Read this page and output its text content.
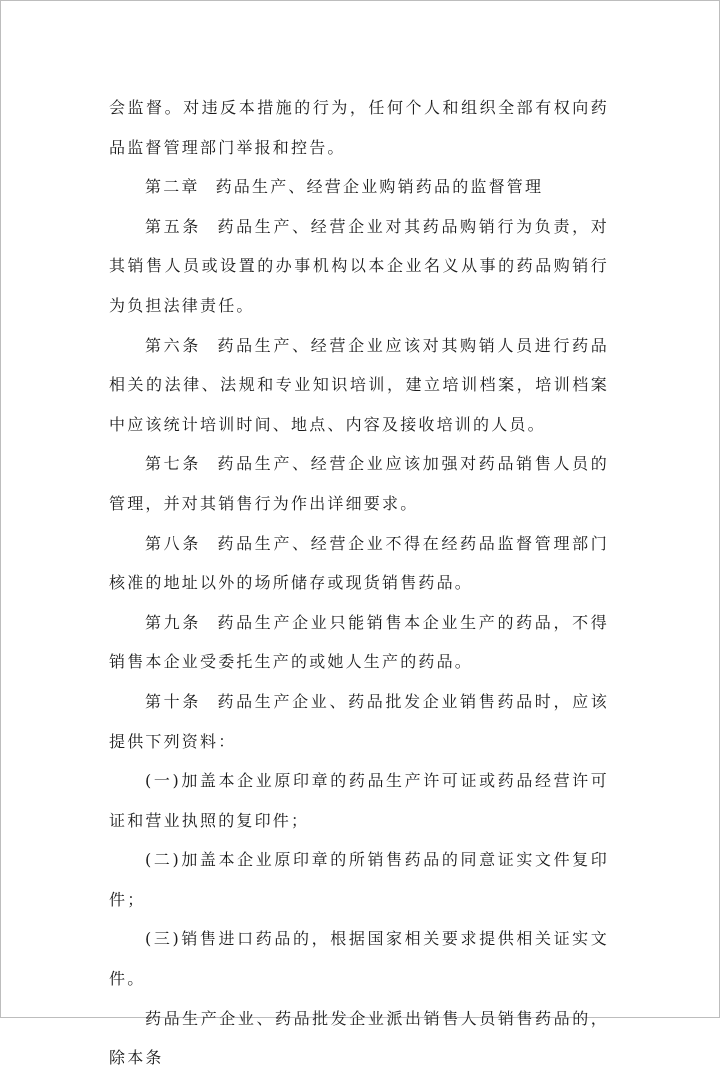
会监督。对违反本措施的行为，任何个人和组织全部有权向药品监督管理部门举报和控告。

第二章 药品生产、经营企业购销药品的监督管理

第五条 药品生产、经营企业对其药品购销行为负责，对其销售人员或设置的办事机构以本企业名义从事的药品购销行为负担法律责任。

第六条 药品生产、经营企业应该对其购销人员进行药品相关的法律、法规和专业知识培训，建立培训档案，培训档案中应该统计培训时间、地点、内容及接收培训的人员。

第七条 药品生产、经营企业应该加强对药品销售人员的管理，并对其销售行为作出详细要求。

第八条 药品生产、经营企业不得在经药品监督管理部门核准的地址以外的场所储存或现货销售药品。

第九条 药品生产企业只能销售本企业生产的药品，不得销售本企业受委托生产的或她人生产的药品。

第十条 药品生产企业、药品批发企业销售药品时，应该提供下列资料：

(一)加盖本企业原印章的药品生产许可证或药品经营许可证和营业执照的复印件；

(二)加盖本企业原印章的所销售药品的同意证实文件复印件；

(三)销售进口药品的，根据国家相关要求提供相关证实文件。

药品生产企业、药品批发企业派出销售人员销售药品的，除本条
